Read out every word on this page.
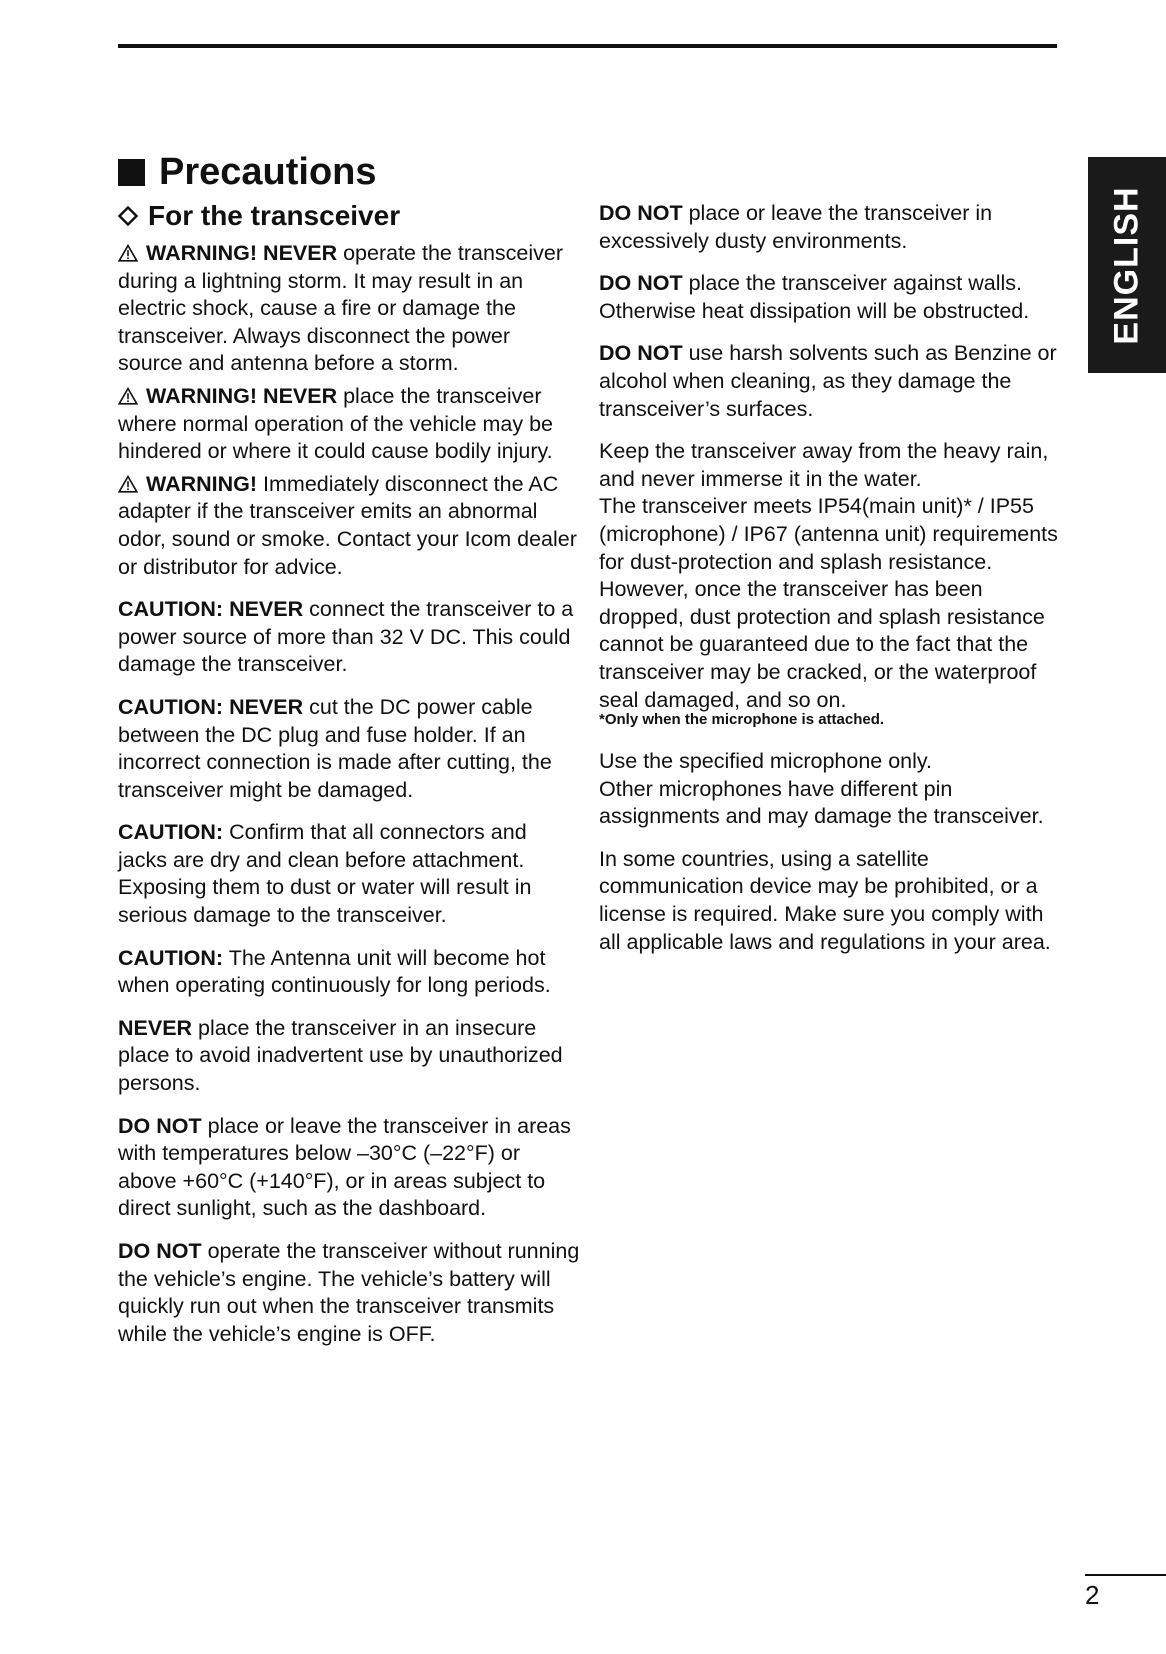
ENGLISH
Precautions
For the transceiver

WARNING! NEVER operate the transceiver during a lightning storm. It may result in an electric shock, cause a fire or damage the transceiver. Always disconnect the power source and antenna before a storm.

WARNING! NEVER place the transceiver where normal operation of the vehicle may be hindered or where it could cause bodily injury.

WARNING! Immediately disconnect the AC adapter if the transceiver emits an abnormal odor, sound or smoke. Contact your Icom dealer or distributor for advice.

CAUTION: NEVER connect the transceiver to a power source of more than 32 V DC. This could damage the transceiver.

CAUTION: NEVER cut the DC power cable between the DC plug and fuse holder. If an incorrect connection is made after cutting, the transceiver might be damaged.

CAUTION: Confirm that all connectors and jacks are dry and clean before attachment. Exposing them to dust or water will result in serious damage to the transceiver.

CAUTION: The Antenna unit will become hot when operating continuously for long periods.

NEVER place the transceiver in an insecure place to avoid inadvertent use by unauthorized persons.

DO NOT place or leave the transceiver in areas with temperatures below –30°C (–22°F) or above +60°C (+140°F), or in areas subject to direct sunlight, such as the dashboard.

DO NOT operate the transceiver without running the vehicle’s engine. The vehicle’s battery will quickly run out when the transceiver transmits while the vehicle’s engine is OFF.

DO NOT place or leave the transceiver in excessively dusty environments.

DO NOT place the transceiver against walls. Otherwise heat dissipation will be obstructed.

DO NOT use harsh solvents such as Benzine or alcohol when cleaning, as they damage the transceiver’s surfaces.

Keep the transceiver away from the heavy rain, and never immerse it in the water.

The transceiver meets IP54(main unit)* / IP55 (microphone) / IP67 (antenna unit) requirements for dust-protection and splash resistance. However, once the transceiver has been dropped, dust protection and splash resistance cannot be guaranteed due to the fact that the transceiver may be cracked, or the waterproof seal damaged, and so on.

*Only when the microphone is attached.

Use the specified microphone only.

Other microphones have different pin assignments and may damage the transceiver.

In some countries, using a satellite communication device may be prohibited, or a license is required. Make sure you comply with all applicable laws and regulations in your area.

2
